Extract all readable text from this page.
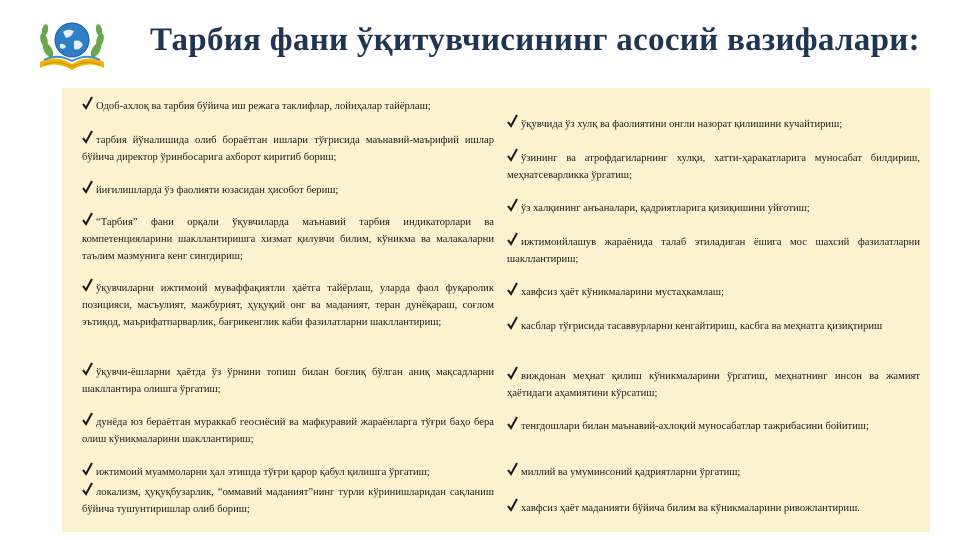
Тарбия фани ўқитувчисининг асосий вазифалари:
Одоб-ахлоқ ва тарбия бўйича иш режага таклифлар, лойиҳалар тайёрлаш;
тарбия йўналишида олиб бораётган ишлари тўғрисида маънавий-маърифий ишлар бўйича директор ўринбосарига ахборот киритиб бориш;
йиғилишларда ўз фаолияти юзасидан ҳисобот бериш;
“Тарбия” фани орқали ўқувчиларда маънавий тарбия индикаторлари ва компетенцияларини шакллантиришга хизмат қилувчи билим, кўникма ва малакаларни таълим мазмунига кенг сингдириш;
ўқувчиларни ижтимоий муваффақиятли ҳаётга тайёрлаш, уларда фаол фуқаролик позицияси, масъулият, мажбурият, ҳуқуқий онг ва маданият, теран дунёқараш, соғлом эътиқод, маърифатпарварлик, бағрикенглик каби фазилатларни шакллантириш;
ўқувчи-ёшларни ҳаётда ўз ўрнини топиш билан боғлиқ бўлган аниқ мақсадларни шакллантира олишга ўргатиш;
дунёда юз бераётган мураккаб геосиёсий ва мафкуравий жараёнларга тўғри баҳо бера олиш кўникмаларини шакллантириш;
ижтимоий муаммоларни ҳал этишда тўғри қарор қабул қилишга ўргатиш;
локализм, ҳуқуқбузарлик, “оммавий маданият”нинг турли кўринишларидан сақланиш бўйича тушунтиришлар олиб бориш;
ўқувчида ўз хулқ ва фаолиятини онгли назорат қилишини кучайтириш;
ўзининг ва атрофдагиларнинг хулқи, хатти-ҳаракатларига муносабат билдириш, меҳнатсеварликка ўргатиш;
ўз халқининг анъаналари, қадриятларига қизиқишини уйғотиш;
ижтимоийлашув жараёнида талаб этиладиган ёшига мос шахсий фазилатларни шакллантириш;
хавфсиз ҳаёт кўникмаларини мустаҳкамлаш;
касблар тўғрисида тасаввурларни кенгайтириш, касбга ва меҳнатга қизиқтириш
виждонан меҳнат қилиш кўникмаларини ўргатиш, меҳнатнинг инсон ва жамият ҳаётидаги аҳамиятини кўрсатиш;
тенгдошлари билан маънавий-ахлоқий муносабатлар тажрибасини бойитиш;
миллий ва умуминсоний қадриятларни ўргатиш;
хавфсиз ҳаёт маданияти бўйича билим ва кўникмаларини ривожлантириш.
